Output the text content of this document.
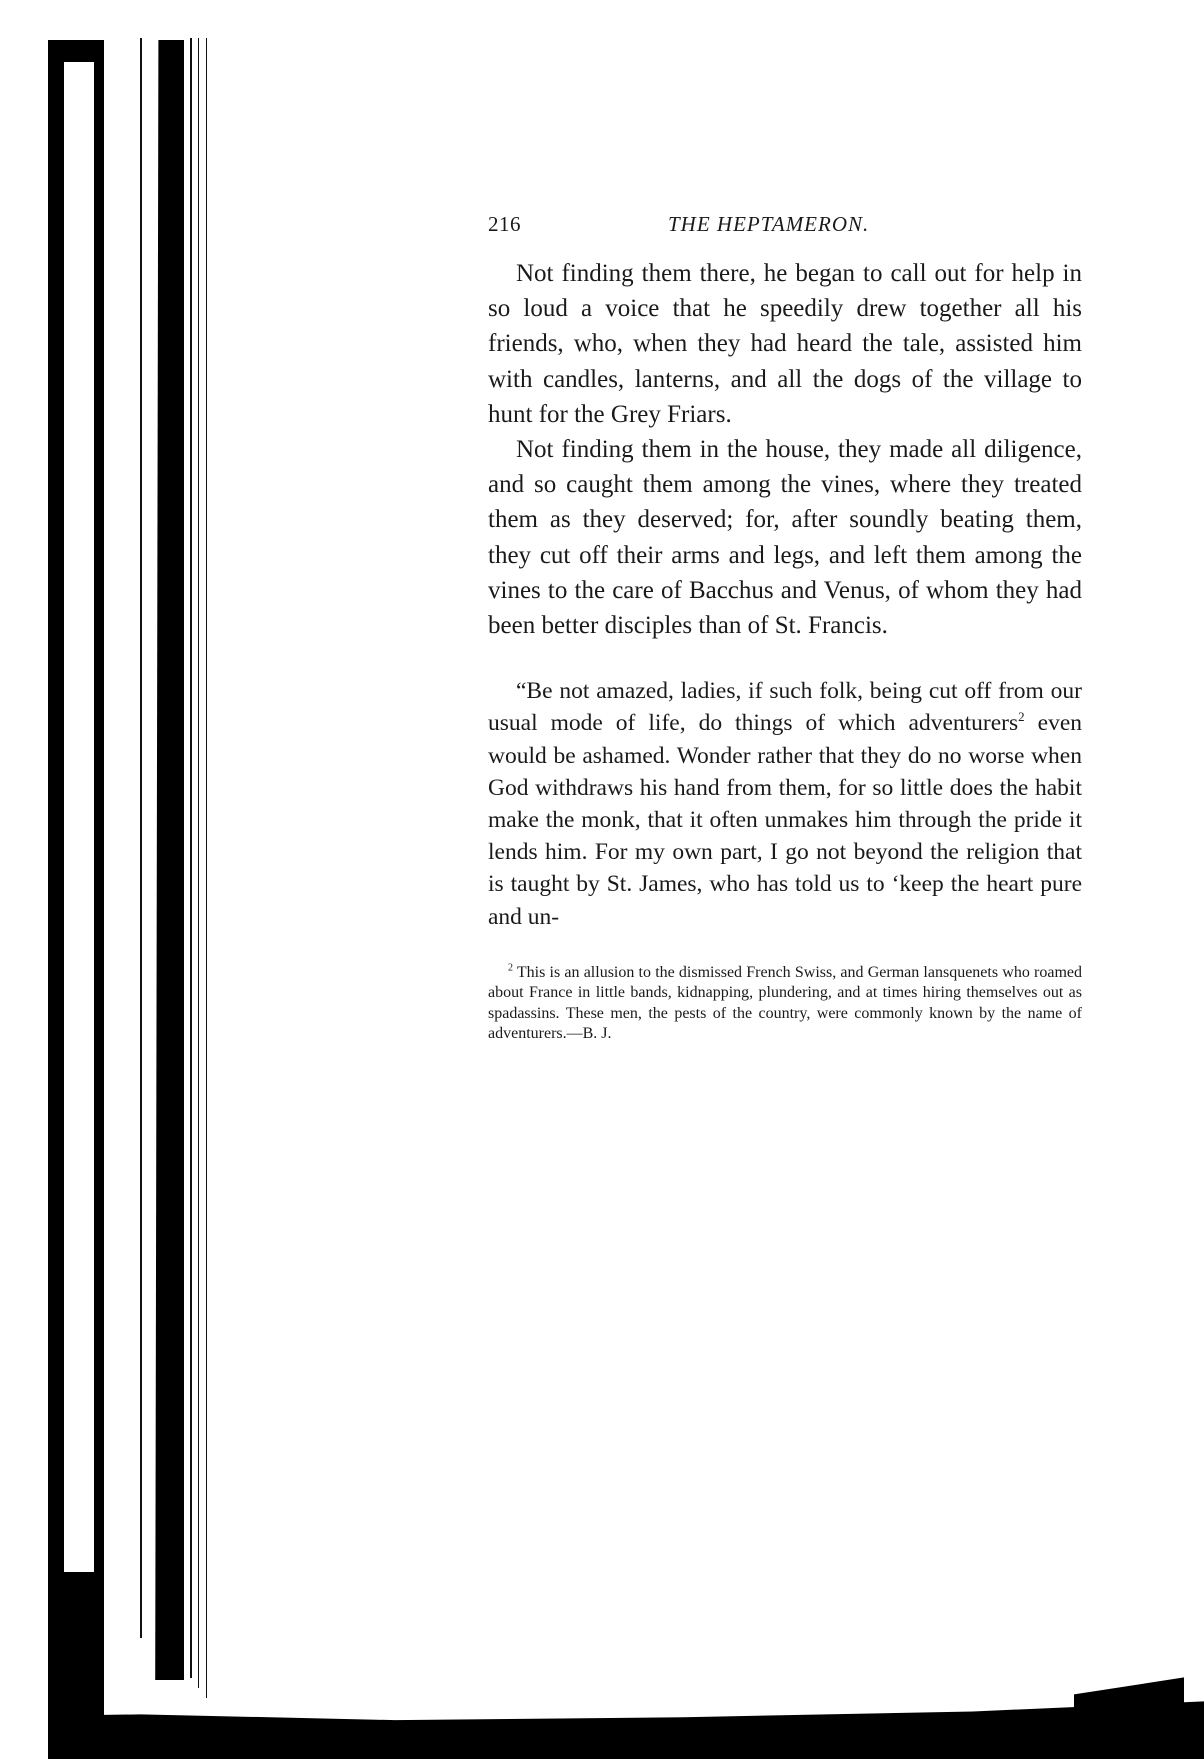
216	THE HEPTAMERON.

Not finding them there, he began to call out for help in so loud a voice that he speedily drew together all his friends, who, when they had heard the tale, assisted him with candles, lanterns, and all the dogs of the village to hunt for the Grey Friars.

Not finding them in the house, they made all diligence, and so caught them among the vines, where they treated them as they deserved; for, after soundly beating them, they cut off their arms and legs, and left them among the vines to the care of Bacchus and Venus, of whom they had been better disciples than of St. Francis.

“Be not amazed, ladies, if such folk, being cut off from our usual mode of life, do things of which adventurers$^2$ even would be ashamed. Wonder rather that they do no worse when God withdraws his hand from them, for so little does the habit make the monk, that it often unmakes him through the pride it lends him. For my own part, I go not beyond the religion that is taught by St. James, who has told us to ‘keep the heart pure and un-

$^2$ This is an allusion to the dismissed French Swiss, and German lansquenets who roamed about France in little bands, kidnapping, plundering, and at times hiring themselves out as spadassins. These men, the pests of the country, were commonly known by the name of adventurers.—B. J.
